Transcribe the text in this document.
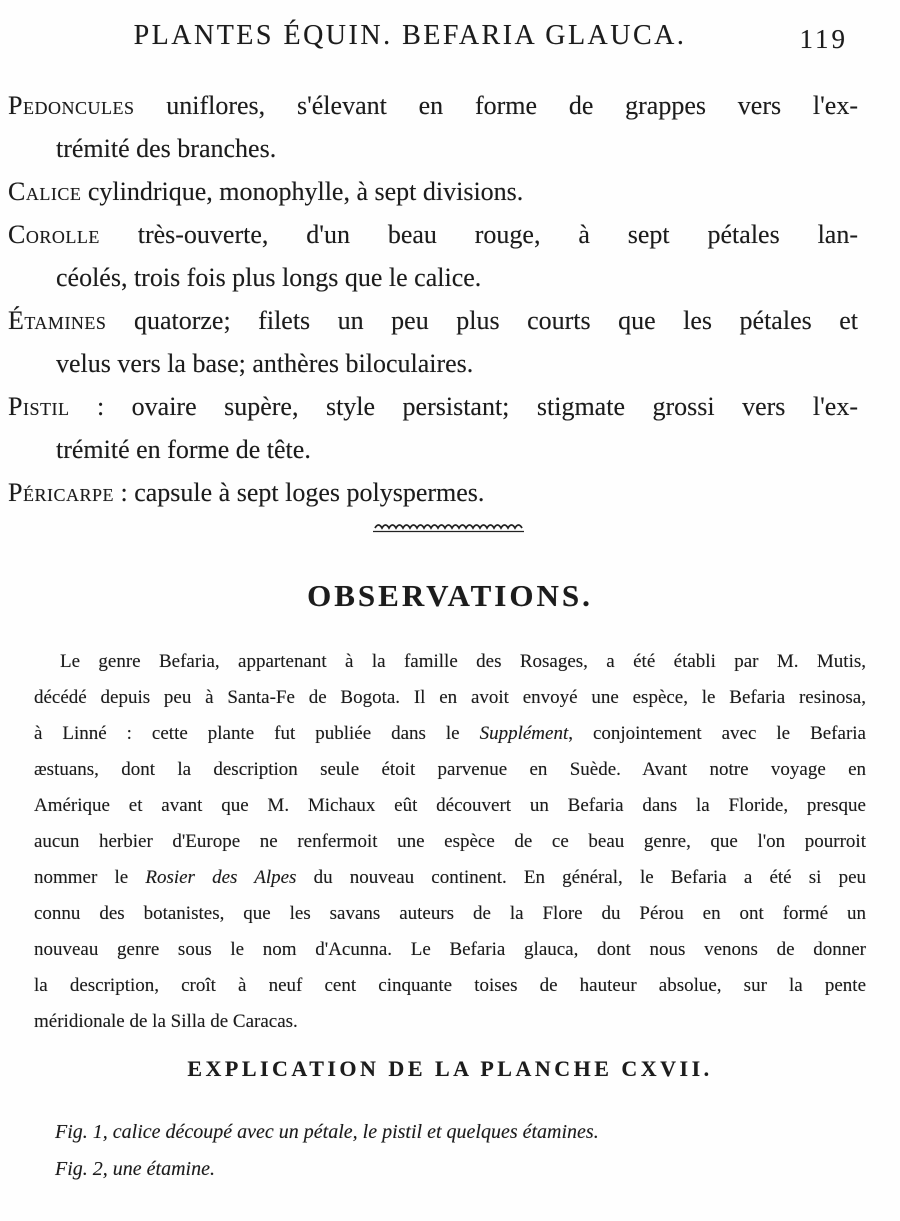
PLANTES ÉQUIN. BEFARIA GLAUCA.	119
Pedoncules uniflores, s'élevant en forme de grappes vers l'ex-
trémité des branches.
Calice cylindrique, monophylle, à sept divisions.
Corolle très-ouverte, d'un beau rouge, à sept pétales lan-
céolés, trois fois plus longs que le calice.
Étamines quatorze; filets un peu plus courts que les pétales et
velus vers la base; anthères biloculaires.
Pistil : ovaire supère, style persistant; stigmate grossi vers l'ex-
trémité en forme de tête.
Péricarpe : capsule à sept loges polyspermes.
OBSERVATIONS.
Le genre Befaria, appartenant à la famille des Rosages, a été établi par M. Mutis,
décédé depuis peu à Santa-Fe de Bogota. Il en avoit envoyé une espèce, le Befaria resinosa,
à Linné : cette plante fut publiée dans le Supplément, conjointement avec le Befaria
æstuans, dont la description seule étoit parvenue en Suède. Avant notre voyage en
Amérique et avant que M. Michaux eût découvert un Befaria dans la Floride, presque
aucun herbier d'Europe ne renfermoit une espèce de ce beau genre, que l'on pourroit
nommer le Rosier des Alpes du nouveau continent. En général, le Befaria a été si peu
connu des botanistes, que les savans auteurs de la Flore du Pérou en ont formé un
nouveau genre sous le nom d'Acunna. Le Befaria glauca, dont nous venons de donner
la description, croît à neuf cent cinquante toises de hauteur absolue, sur la pente
méridionale de la Silla de Caracas.
EXPLICATION DE LA PLANCHE CXVII.
Fig. 1, calice découpé avec un pétale, le pistil et quelques étamines.
Fig. 2, une étamine.
